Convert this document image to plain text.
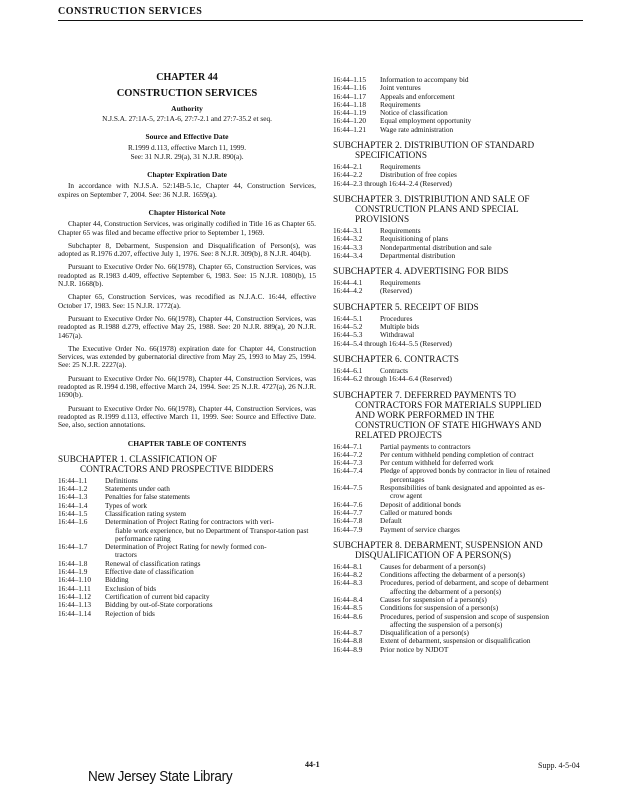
CONSTRUCTION SERVICES
CHAPTER 44
CONSTRUCTION SERVICES
Authority
N.J.S.A. 27:1A-5, 27:1A-6, 27:7-2.1 and 27:7-35.2 et seq.
Source and Effective Date
R.1999 d.113, effective March 11, 1999.
See: 31 N.J.R. 29(a), 31 N.J.R. 890(a).
Chapter Expiration Date

In accordance with N.J.S.A. 52:14B-5.1c, Chapter 44, Construction Services, expires on September 7, 2004. See: 36 N.J.R. 1659(a).

Chapter Historical Note

Chapter 44, Construction Services, was originally codified in Title 16 as Chapter 65. Chapter 65 was filed and became effective prior to September 1, 1969.

Subchapter 8, Debarment, Suspension and Disqualification of Person(s), was adopted as R.1976 d.207, effective July 1, 1976. See: 8 N.J.R. 309(b), 8 N.J.R. 404(b).

Pursuant to Executive Order No. 66(1978), Chapter 65, Construction Services, was readopted as R.1983 d.409, effective September 6, 1983. See: 15 N.J.R. 1080(b), 15 N.J.R. 1668(b).

Chapter 65, Construction Services, was recodified as N.J.A.C. 16:44, effective October 17, 1983. See: 15 N.J.R. 1772(a).

Pursuant to Executive Order No. 66(1978), Chapter 44, Construction Services, was readopted as R.1988 d.279, effective May 25, 1988. See: 20 N.J.R. 889(a), 20 N.J.R. 1467(a).

The Executive Order No. 66(1978) expiration date for Chapter 44, Construction Services, was extended by gubernatorial directive from May 25, 1993 to May 25, 1994. See: 25 N.J.R. 2227(a).

Pursuant to Executive Order No. 66(1978), Chapter 44, Construction Services, was readopted as R.1994 d.198, effective March 24, 1994. See: 25 N.J.R. 4727(a), 26 N.J.R. 1690(b).

Pursuant to Executive Order No. 66(1978), Chapter 44, Construction Services, was readopted as R.1999 d.113, effective March 11, 1999. See: Source and Effective Date. See, also, section annotations.

CHAPTER TABLE OF CONTENTS
SUBCHAPTER 1. CLASSIFICATION OF
CONTRACTORS AND PROSPECTIVE BIDDERS
16:44–1.1	Definitions
16:44–1.2	Statements under oath
16:44–1.3	Penalties for false statements
16:44–1.4	Types of work
16:44–1.5	Classification rating system
16:44–1.6	Determination of Project Rating for contractors with veri-
fiable work experience, but no Department of Transpor-tation past performance rating
16:44–1.7	Determination of Project Rating for newly formed con-
tractors
16:44–1.8	Renewal of classification ratings
16:44–1.9	Effective date of classification
16:44–1.10	Bidding
16:44–1.11	Exclusion of bids
16:44–1.12	Certification of current bid capacity
16:44–1.13	Bidding by out-of-State corporations
16:44–1.14	Rejection of bids
16:44–1.15	Information to accompany bid
16:44–1.16	Joint ventures
16:44–1.17	Appeals and enforcement
16:44–1.18	Requirements
16:44–1.19	Notice of classification
16:44–1.20	Equal employment opportunity
16:44–1.21	Wage rate administration
SUBCHAPTER 2. DISTRIBUTION OF STANDARD
SPECIFICATIONS
16:44–2.1	Requirements
16:44–2.2	Distribution of free copies
16:44–2.3 through 16:44–2.4 (Reserved)
SUBCHAPTER 3. DISTRIBUTION AND SALE OF
CONSTRUCTION PLANS AND SPECIAL
PROVISIONS
16:44–3.1	Requirements
16:44–3.2	Requisitioning of plans
16:44–3.3	Nondepartmental distribution and sale
16:44–3.4	Departmental distribution
SUBCHAPTER 4. ADVERTISING FOR BIDS
16:44–4.1	Requirements
16:44–4.2	(Reserved)
SUBCHAPTER 5. RECEIPT OF BIDS
16:44–5.1	Procedures
16:44–5.2	Multiple bids
16:44–5.3	Withdrawal
16:44–5.4 through 16:44–5.5 (Reserved)
SUBCHAPTER 6. CONTRACTS
16:44–6.1	Contracts
16:44–6.2 through 16:44–6.4 (Reserved)
SUBCHAPTER 7. DEFERRED PAYMENTS TO
CONTRACTORS FOR MATERIALS SUPPLIED
AND WORK PERFORMED IN THE
CONSTRUCTION OF STATE HIGHWAYS AND
RELATED PROJECTS
16:44–7.1	Partial payments to contractors
16:44–7.2	Per centum withheld pending completion of contract
16:44–7.3	Per centum withheld for deferred work
16:44–7.4	Pledge of approved bonds by contractor in lieu of retained
percentages
16:44–7.5	Responsibilities of bank designated and appointed as es-
crow agent
16:44–7.6	Deposit of additional bonds
16:44–7.7	Called or matured bonds
16:44–7.8	Default
16:44–7.9	Payment of service charges
SUBCHAPTER 8. DEBARMENT, SUSPENSION AND
DISQUALIFICATION OF A PERSON(S)
16:44–8.1	Causes for debarment of a person(s)
16:44–8.2	Conditions affecting the debarment of a person(s)
16:44–8.3	Procedures, period of debarment, and scope of debarment
affecting the debarment of a person(s)
16:44–8.4	Causes for suspension of a person(s)
16:44–8.5	Conditions for suspension of a person(s)
16:44–8.6	Procedures, period of suspension and scope of suspension
affecting the suspension of a person(s)
16:44–8.7	Disqualification of a person(s)
16:44–8.8	Extent of debarment, suspension or disqualification
16:44–8.9	Prior notice by NJDOT
New Jersey State Library
44-1	Supp. 4-5-04
